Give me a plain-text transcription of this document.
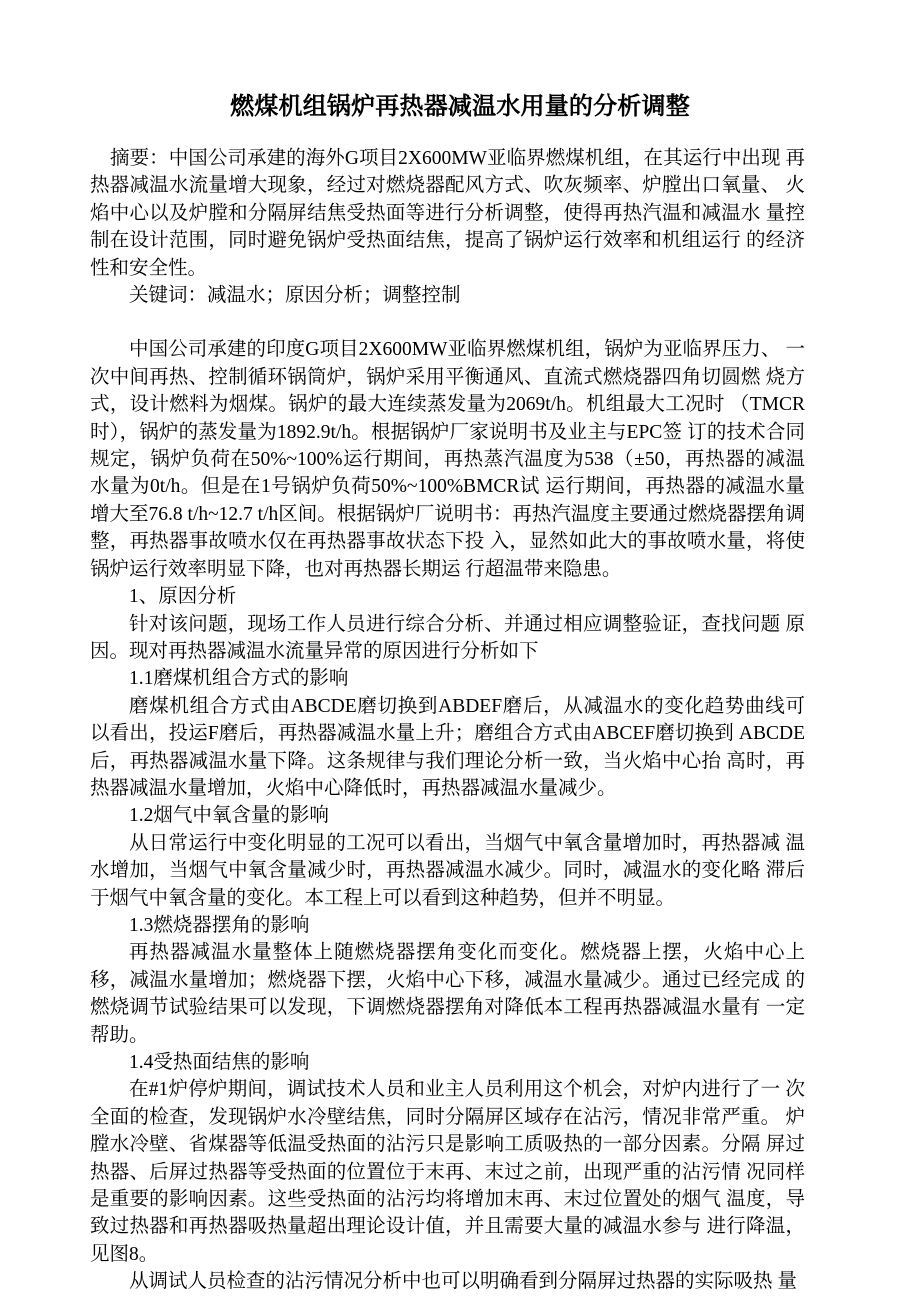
燃煤机组锅炉再热器减温水用量的分析调整

摘要：中国公司承建的海外G项目2X600MW亚临界燃煤机组，在其运行中出现 再热器减温水流量增大现象，经过对燃烧器配风方式、吹灰频率、炉膛出口氧量、 火焰中心以及炉膛和分隔屏结焦受热面等进行分析调整，使得再热汽温和减温水 量控制在设计范围，同时避免锅炉受热面结焦，提高了锅炉运行效率和机组运行 的经济性和安全性。

关键词：减温水；原因分析；调整控制

中国公司承建的印度G项目2X600MW亚临界燃煤机组，锅炉为亚临界压力、 一次中间再热、控制循环锅筒炉，锅炉采用平衡通风、直流式燃烧器四角切圆燃 烧方式，设计燃料为烟煤。锅炉的最大连续蒸发量为2069t/h。机组最大工况时 （TMCR时），锅炉的蒸发量为1892.9t/h。根据锅炉厂家说明书及业主与EPC签 订的技术合同规定，锅炉负荷在50%~100%运行期间，再热蒸汽温度为538（±50，再热器的减温水量为0t/h。但是在1号锅炉负荷50%~100%BMCR试 运行期间，再热器的减温水量增大至76.8 t/h~12.7 t/h区间。根据锅炉厂说明书：再热汽温度主要通过燃烧器摆角调整，再热器事故喷水仅在再热器事故状态下投 入，显然如此大的事故喷水量，将使锅炉运行效率明显下降，也对再热器长期运 行超温带来隐患。

1、原因分析

针对该问题，现场工作人员进行综合分析、并通过相应调整验证，查找问题 原因。现对再热器减温水流量异常的原因进行分析如下

1.1磨煤机组合方式的影响

磨煤机组合方式由ABCDE磨切换到ABDEF磨后，从减温水的变化趋势曲线可 以看出，投运F磨后，再热器减温水量上升；磨组合方式由ABCEF磨切换到 ABCDE后，再热器减温水量下降。这条规律与我们理论分析一致，当火焰中心抬 高时，再热器减温水量增加，火焰中心降低时，再热器减温水量减少。

1.2烟气中氧含量的影响

从日常运行中变化明显的工况可以看出，当烟气中氧含量增加时，再热器减 温水增加，当烟气中氧含量减少时，再热器减温水减少。同时，减温水的变化略 滞后于烟气中氧含量的变化。本工程上可以看到这种趋势，但并不明显。

1.3燃烧器摆角的影响

再热器减温水量整体上随燃烧器摆角变化而变化。燃烧器上摆，火焰中心上 移，减温水量增加；燃烧器下摆，火焰中心下移，减温水量减少。通过已经完成 的燃烧调节试验结果可以发现，下调燃烧器摆角对降低本工程再热器减温水量有 一定帮助。

1.4受热面结焦的影响

在#1炉停炉期间，调试技术人员和业主人员利用这个机会，对炉内进行了一 次全面的检查，发现锅炉水冷壁结焦，同时分隔屏区域存在沾污，情况非常严重。 炉膛水冷壁、省煤器等低温受热面的沾污只是影响工质吸热的一部分因素。分隔 屏过热器、后屏过热器等受热面的位置位于末再、末过之前，出现严重的沾污情 况同样是重要的影响因素。这些受热面的沾污均将增加末再、末过位置处的烟气 温度，导致过热器和再热器吸热量超出理论设计值，并且需要大量的减温水参与 进行降温，见图8。

从调试人员检查的沾污情况分析中也可以明确看到分隔屏过热器的实际吸热 量
